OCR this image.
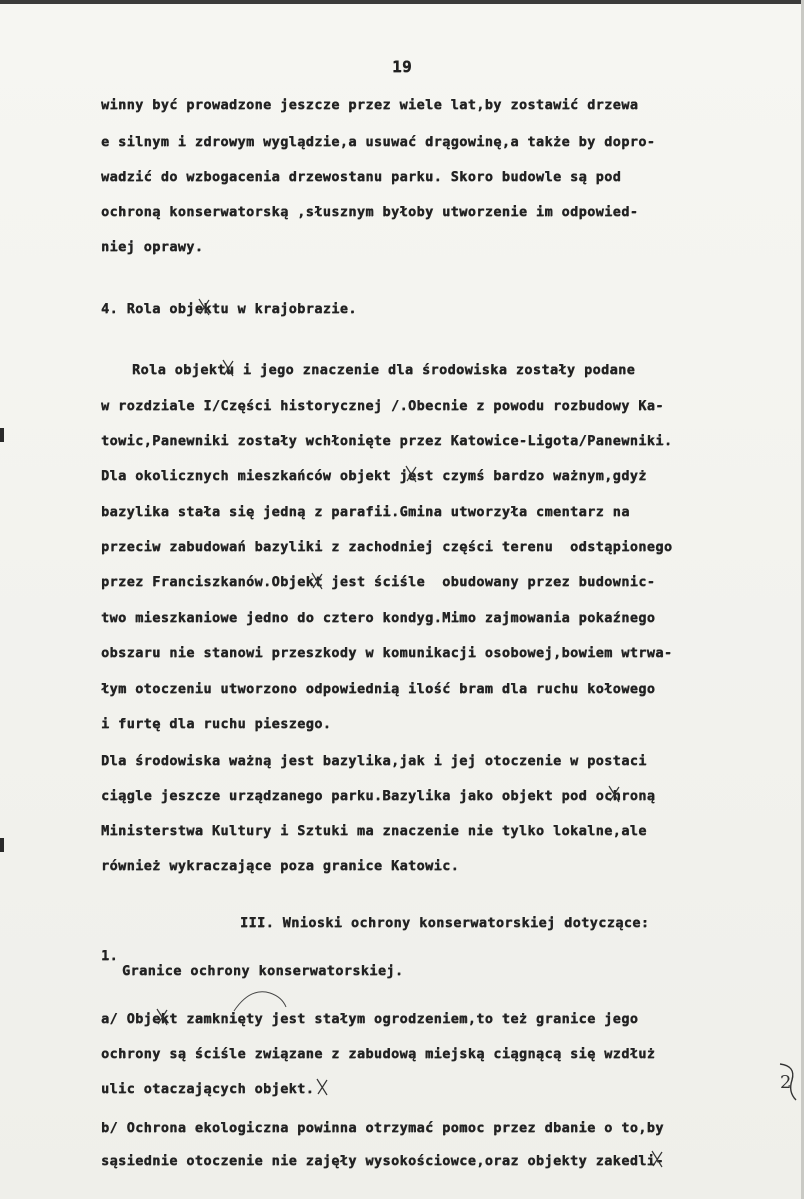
19
winny być prowadzone jeszcze przez wiele lat,by zostawić drzewa
e silnym i zdrowym wyglądzie,a usuwać drągowinę,a także by dopro-
wadzić do wzbogacenia drzewostanu parku. Skoro budowle są pod
ochroną konserwatorską ,słusznym byłoby utworzenie im odpowied-
niej oprawy.
4. Rola objektu w krajobrazie.
Rola objektu i jego znaczenie dla środowiska zostały podane
w rozdziale I/Części historycznej /.Obecnie z powodu rozbudowy Ka-
towic,Panewniki zostały wchłonięte przez Katowice-Ligota/Panewniki.
Dla okolicznych mieszkańców objekt jest czymś bardzo ważnym,gdyż
bazylika stała się jedną z parafii.Gmina utworzyła cmentarz na
przeciw zabudowań bazyliki z zachodniej części terenu  odstąpionego
przez Franciszkanów.Objekt jest ściśle  obudowany przez budownic-
two mieszkaniowe jedno do cztero kondyg.Mimo zajmowania pokaźnego
obszaru nie stanowi przeszkody w komunikacji osobowej,bowiem wtrwa-
łym otoczeniu utworzono odpowiednią ilość bram dla ruchu kołowego
i furtę dla ruchu pieszego.
Dla środowiska ważną jest bazylika,jak i jej otoczenie w postaci
ciągle jeszcze urządzanego parku.Bazylika jako objekt pod ochroną
Ministerstwa Kultury i Sztuki ma znaczenie nie tylko lokalne,ale
również wykraczające poza granice Katowic.
III. Wnioski ochrony konserwatorskiej dotyczące:
1.
Granice ochrony konserwatorskiej.
a/ Objekt zamknięty jest stałym ogrodzeniem,to też granice jego
ochrony są ściśle związane z zabudową miejską ciągnącą się wzdłuż
ulic otaczających objekt.
b/ Ochrona ekologiczna powinna otrzymać pomoc przez dbanie o to,by
sąsiednie otoczenie nie zajęły wysokościowce,oraz objekty zakedli-
2
